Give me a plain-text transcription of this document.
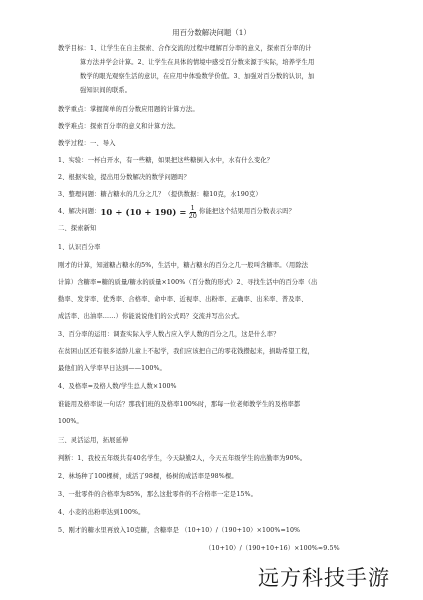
用百分数解决问题（1）
教学目标：1、让学生在自主探索、合作交流的过程中理解百分率的意义，探索百分率的计
算方法并学会计算。2、让学生在具体的情境中感受百分数来源于实际，培养学生用
数学的眼光观察生活的意识，在应用中体验数学价值。3、加强对百分数的认识，加
强知识间的联系。
教学重点：掌握简单的百分数应用题的计算方法。
教学难点：探索百分率的意义和计算方法。
教学过程：一、导入
1、实验：一杯白开水，有一些糖，如果把这些糖倒入水中，水有什么变化？
2、根据实验，提出用分数解决的数学问题吗？
3、整理问题：糖占糖水的几分之几？（提供数据：糖10克，水190克）
4、解决问题： $10 \div (10 + 190) = \frac{1}{20}$ 你能把这个结果用百分数表示吗？
二、探索新知
1、认识百分率
刚才的计算，知道糖占糖水的5%，生活中，糖占糖水的百分之几一般叫含糖率。（用除法
计算）含糖率=糖的质量/糖水的质量×100%（百分数的形式）2、寻找生活中的百分率（出
勤率、发芽率、优秀率、合格率、命中率、近视率、出粉率、正确率、出米率、普及率、
成活率、出油率……）你能说说他们的公式吗？交流并写出公式。
3、百分率的运用：调查实际入学人数占应入学人数的百分之几，这是什么率？
在贫困山区还有很多适龄儿童上不起学，我们应该把自己的零花钱攒起来，捐助希望工程，
最他们的入学率早日达到——100%。
4、及格率=及格人数/学生总人数×100%
谁能用及格率说一句话？那我们班的及格率100%时，那每一位老师教学生的及格率都
100%。
三、灵活运用，拓展延伸
判断：1、我校五年级共有40名学生，今天缺勤2人，今天五年级学生的出勤率为90%。
2、林场种了100棵树，成活了98棵，杨树的成活率是98%棵。
3、一批零件的合格率为85%，那么这批零件的不合格率一定是15%。
4、小麦的出粉率达到100%。
5、刚才的糖水里再放入10克糖，含糖率是 （10+10）/（190+10）×100%=10%
（10+10）/（190+10+16）×100%≈9.5%
远方科技手游
